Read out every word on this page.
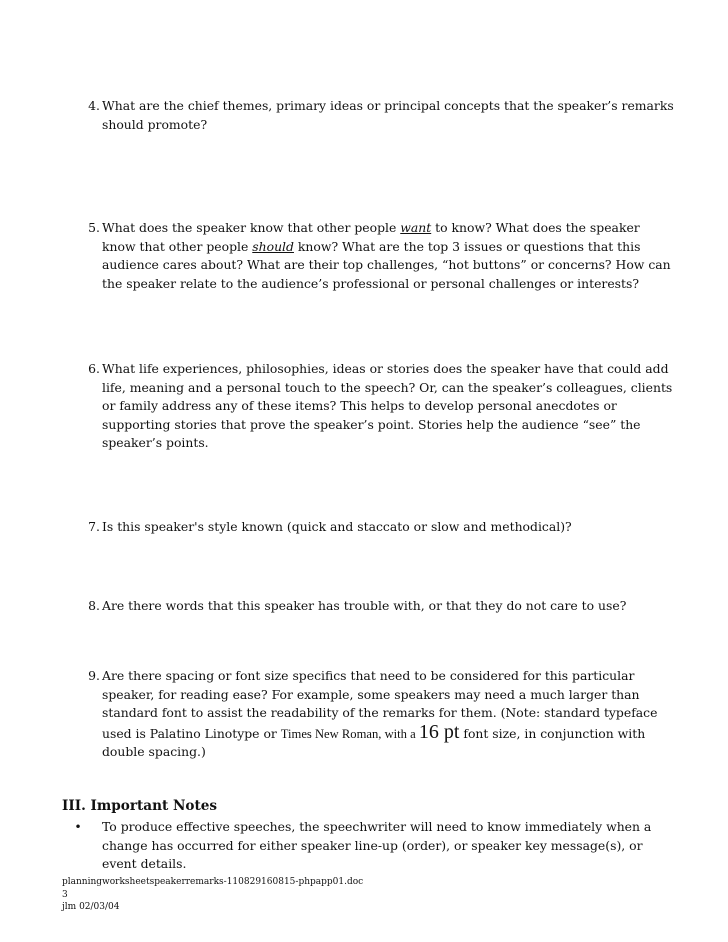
4. What are the chief themes, primary ideas or principal concepts that the speaker’s remarks should promote?
5. What does the speaker know that other people want to know? What does the speaker know that other people should know? What are the top 3 issues or questions that this audience cares about? What are their top challenges, “hot buttons” or concerns? How can the speaker relate to the audience’s professional or personal challenges or interests?
6. What life experiences, philosophies, ideas or stories does the speaker have that could add life, meaning and a personal touch to the speech? Or, can the speaker’s colleagues, clients or family address any of these items? This helps to develop personal anecdotes or supporting stories that prove the speaker’s point. Stories help the audience “see” the speaker’s points.
7. Is this speaker's style known (quick and staccato or slow and methodical)?
8. Are there words that this speaker has trouble with, or that they do not care to use?
9. Are there spacing or font size specifics that need to be considered for this particular speaker, for reading ease? For example, some speakers may need a much larger than standard font to assist the readability of the remarks for them. (Note: standard typeface used is Palatino Linotype or Times New Roman, with a 16 pt font size, in conjunction with double spacing.)
III. Important Notes
• To produce effective speeches, the speechwriter will need to know immediately when a change has occurred for either speaker line-up (order), or speaker key message(s), or event details.
planningworksheetspeakerremarks-110829160815-phpapp01.doc
3
jlm 02/03/04
